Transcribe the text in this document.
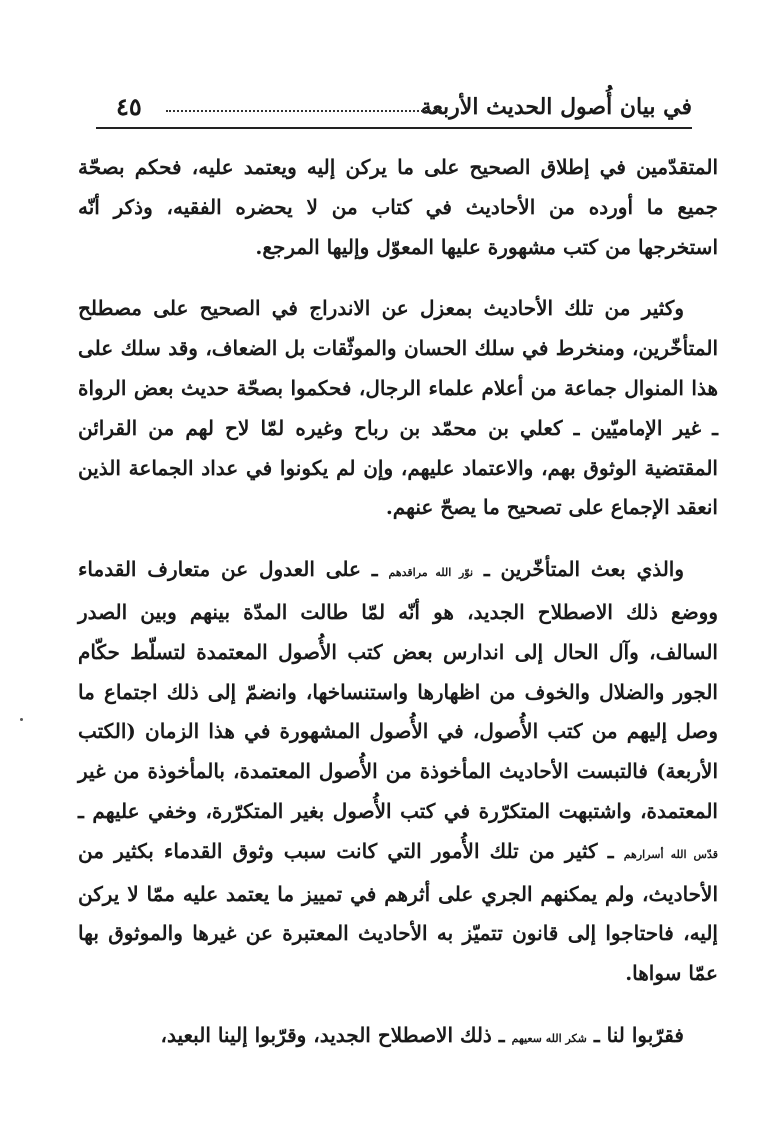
في بيان أُصول الحديث الأربعة
٤٥

المتقدّمين في إطلاق الصحيح على ما يركن إليه ويعتمد عليه، فحكم بصحّة جميع ما أورده من الأحاديث في كتاب من لا يحضره الفقيه، وذكر أنّه استخرجها من كتب مشهورة عليها المعوّل وإليها المرجع.

وكثير من تلك الأحاديث بمعزل عن الاندراج في الصحيح على مصطلح المتأخّرين، ومنخرط في سلك الحسان والموثّقات بل الضعاف، وقد سلك على هذا المنوال جماعة من أعلام علماء الرجال، فحكموا بصحّة حديث بعض الرواة ـ غير الإماميّين ـ كعلي بن محمّد بن رباح وغيره لمّا لاح لهم من القرائن المقتضية الوثوق بهم، والاعتماد عليهم، وإن لم يكونوا في عداد الجماعة الذين انعقد الإجماع على تصحيح ما يصحّ عنهم.

والذي بعث المتأخّرين ـ نوّر الله مراقدهم ـ على العدول عن متعارف القدماء ووضع ذلك الاصطلاح الجديد، هو أنّه لمّا طالت المدّة بينهم وبين الصدر السالف، وآل الحال إلى اندارس بعض كتب الأُصول المعتمدة لتسلّط حكّام الجور والضلال والخوف من اظهارها واستنساخها، وانضمّ إلى ذلك اجتماع ما وصل إليهم من كتب الأُصول، في الأُصول المشهورة في هذا الزمان (الكتب الأربعة) فالتبست الأحاديث المأخوذة من الأُصول المعتمدة، بالمأخوذة من غير المعتمدة، واشتبهت المتكرّرة في كتب الأُصول بغير المتكرّرة، وخفي عليهم ـ قدّس الله أسرارهم ـ كثير من تلك الأُمور التي كانت سبب وثوق القدماء بكثير من الأحاديث، ولم يمكنهم الجري على أثرهم في تمييز ما يعتمد عليه ممّا لا يركن إليه، فاحتاجوا إلى قانون تتميّز به الأحاديث المعتبرة عن غيرها والموثوق بها عمّا سواها.

فقرّبوا لنا ـ شكر الله سعيهم ـ ذلك الاصطلاح الجديد، وقرّبوا إلينا البعيد،
